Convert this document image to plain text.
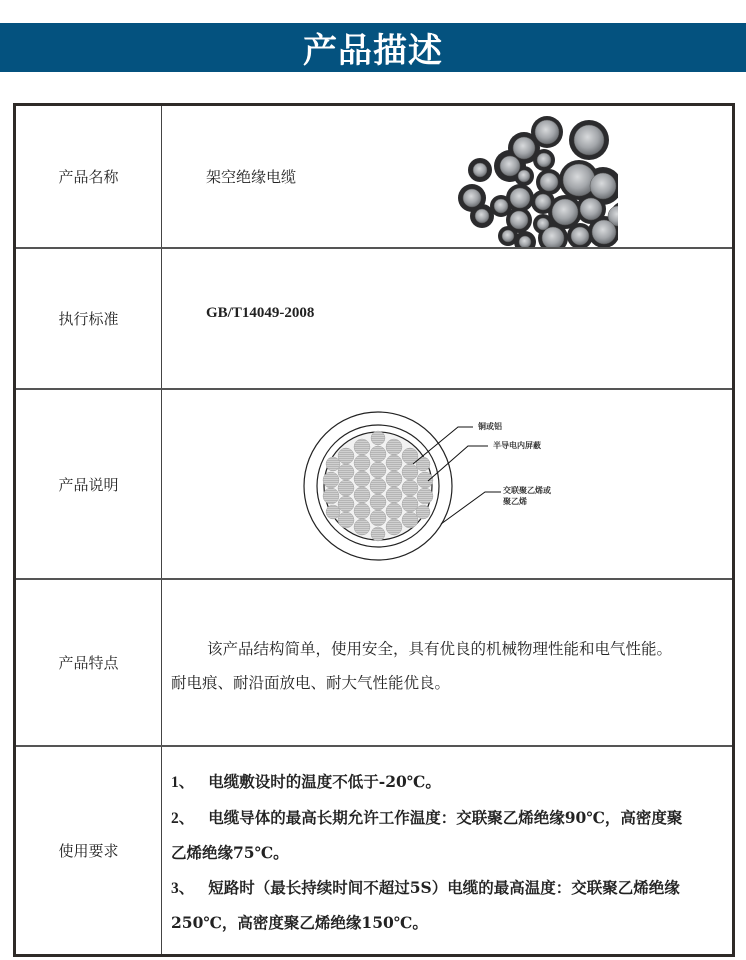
产品描述
产品名称	架空绝缘电缆
执行标准	GB/T14049-2008
产品说明
铜或铝
半导电内屏蔽
交联聚乙烯或
聚乙烯
产品特点
该产品结构简单，使用安全，具有优良的机械物理性能和电气性能。
耐电痕、耐沿面放电、耐大气性能优良。
使用要求
1、 电缆敷设时的温度不低于-20℃。
2、 电缆导体的最高长期允许工作温度：交联聚乙烯绝缘90℃，高密度聚
乙烯绝缘75℃。
3、 短路时（最长持续时间不超过5S）电缆的最高温度：交联聚乙烯绝缘
250℃，高密度聚乙烯绝缘150℃。
